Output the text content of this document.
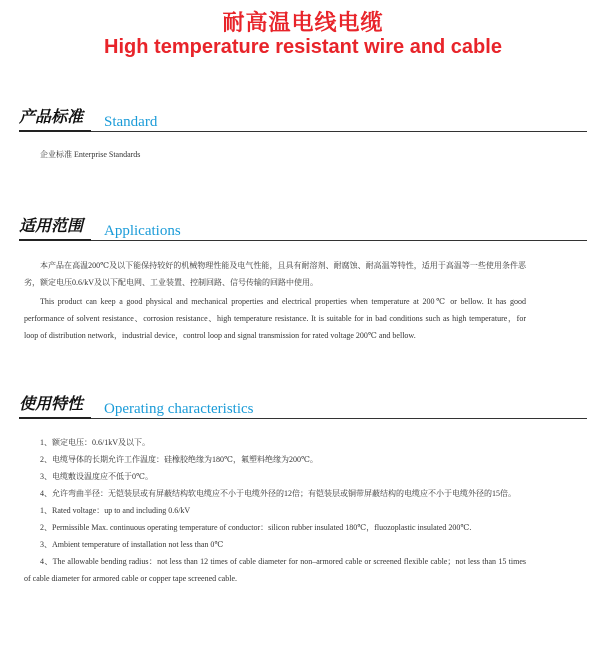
耐高温电线电缆
High temperature resistant wire and cable
产品标准 Standard

企业标准 Enterprise Standards

适用范围 Applications

本产品在高温200℃及以下能保持较好的机械物理性能及电气性能，且具有耐溶剂、耐腐蚀、耐高温等特性，适用于高温等一些使用条件恶劣，额定电压0.6/kV及以下配电网、工业装置、控制回路、信号传输的回路中使用。

This product can keep a good physical and mechanical properties and electrical properties when temperature at 200℃ or bellow. It has good performance of solvent resistance、corrosion resistance、high temperature resistance. It is suitable for in bad conditions such as high temperature，for loop of distribution network，industrial device，control loop and signal transmission for rated voltage 200℃ and bellow.

使用特性 Operating characteristics

1、额定电压：0.6/1kV及以下。

2、电缆导体的长期允许工作温度：硅橡胶绝缘为180℃，氟塑料绝缘为200℃。

3、电缆敷设温度应不低于0℃。

4、允许弯曲半径：无铠装层或有屏蔽结构软电缆应不小于电缆外径的12倍；有铠装层或铜带屏蔽结构的电缆应不小于电缆外径的15倍。

1、Rated voltage：up to and including 0.6/kV

2、Permissible Max. continuous operating temperature of conductor：silicon rubber insulated 180℃，fluozoplastic insulated 200℃.

3、Ambient temperature of installation not less than 0℃

4、The allowable bending radius：not less than 12 times of cable diameter for non–armored cable or screened flexible cable；not less than 15 times of cable diameter for armored cable or copper tape screened cable.
